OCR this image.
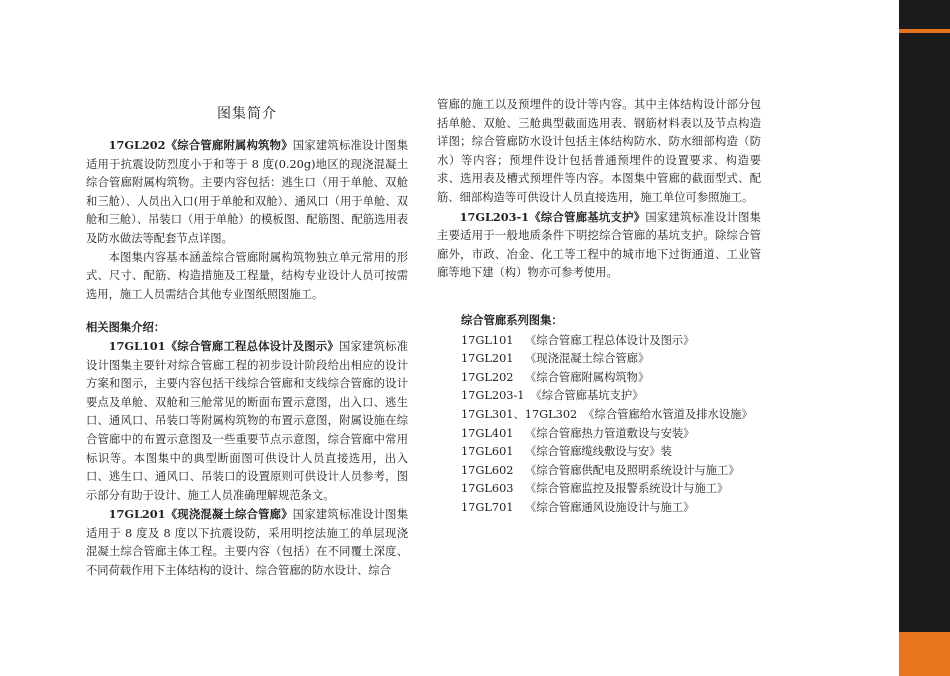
图集简介

17GL202《综合管廊附属构筑物》国家建筑标准设计图集适用于抗震设防烈度小于和等于 8 度(0.20g)地区的现浇混凝土综合管廊附属构筑物。主要内容包括：逃生口（用于单舱、双舱和三舱）、人员出入口(用于单舱和双舱）、通风口（用于单舱、双舱和三舱）、吊装口（用于单舱）的模板图、配筋图、配筋选用表及防水做法等配套节点详图。

本图集内容基本涵盖综合管廊附属构筑物独立单元常用的形式、尺寸、配筋、构造措施及工程量，结构专业设计人员可按需选用，施工人员需结合其他专业图纸照图施工。

相关图集介绍：

17GL101《综合管廊工程总体设计及图示》国家建筑标准设计图集主要针对综合管廊工程的初步设计阶段给出相应的设计方案和图示，主要内容包括干线综合管廊和支线综合管廊的设计要点及单舱、双舱和三舱常见的断面布置示意图，出入口、逃生口、通风口、吊装口等附属构筑物的布置示意图，附属设施在综合管廊中的布置示意图及一些重要节点示意图，综合管廊中常用标识等。本图集中的典型断面图可供设计人员直接选用，出入口、逃生口、通风口、吊装口的设置原则可供设计人员参考，图示部分有助于设计、施工人员准确理解规范条文。

17GL201《现浇混凝土综合管廊》国家建筑标准设计图集适用于 8 度及 8 度以下抗震设防，采用明挖法施工的单层现浇混凝土综合管廊主体工程。主要内容（包括）在不同覆土深度、不同荷载作用下主体结构的设计、综合管廊的防水设计、综合

管廊的施工以及预埋件的设计等内容。其中主体结构设计部分包括单舱、双舱、三舱典型截面选用表、钢筋材料表以及节点构造详图；综合管廊防水设计包括主体结构防水、防水细部构造（防水）等内容；预埋件设计包括普通预埋件的设置要求、构造要求、选用表及槽式预埋件等内容。本图集中管廊的截面型式、配筋、细部构造等可供设计人员直接选用，施工单位可参照施工。

17GL203-1《综合管廊基坑支护》国家建筑标准设计图集主要适用于一般地质条件下明挖综合管廊的基坑支护。除综合管廊外，市政、冶金、化工等工程中的城市地下过街通道、工业管廊等地下建（构）物亦可参考使用。

综合管廊系列图集：
17GL101	《综合管廊工程总体设计及图示》
17GL201	《现浇混凝土综合管廊》
17GL202	《综合管廊附属构筑物》
17GL203-1 《综合管廊基坑支护》
17GL301、17GL302 《综合管廊给水管道及排水设施》
17GL401	《综合管廊热力管道敷设与安装》
17GL601	《综合管廊缆线敷设与安》装
17GL602	《综合管廊供配电及照明系统设计与施工》
17GL603	《综合管廊监控及报警系统设计与施工》
17GL701	《综合管廊通风设施设计与施工》
